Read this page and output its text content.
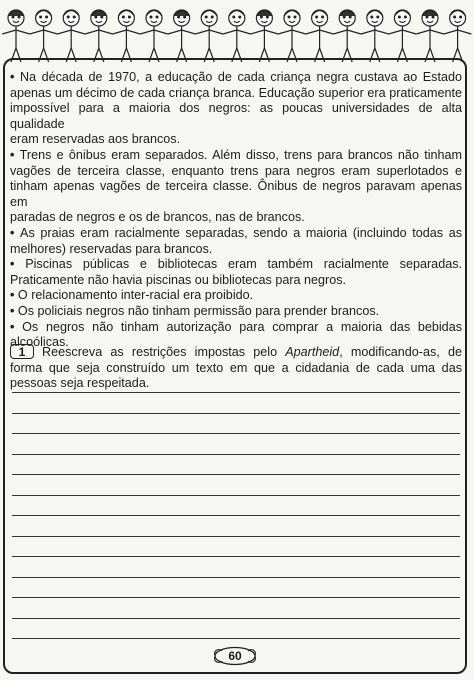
• Na década de 1970, a educação de cada criança negra custava ao Estado
apenas um décimo de cada criança branca. Educação superior era praticamente
impossível para a maioria dos negros: as poucas universidades de alta qualidade
eram reservadas aos brancos.
• Trens e ônibus eram separados. Além disso, trens para brancos não tinham
vagões de terceira classe, enquanto trens para negros eram superlotados e
tinham apenas vagões de terceira classe. Ônibus de negros paravam apenas em
paradas de negros e os de brancos, nas de brancos.
• As praias eram racialmente separadas, sendo a maioria (incluindo todas as
melhores) reservadas para brancos.
• Piscinas públicas e bibliotecas eram também racialmente separadas.
Praticamente não havia piscinas ou bibliotecas para negros.
• O relacionamento inter-racial era proibido.
• Os policiais negros não tinham permissão para prender brancos.
• Os negros não tinham autorização para comprar a maioria das bebidas
alcoólicas.
1 Reescreva as restrições impostas pelo Apartheid, modificando-as, de forma que seja construído um texto em que a cidadania de cada uma das pessoas seja respeitada.
60
